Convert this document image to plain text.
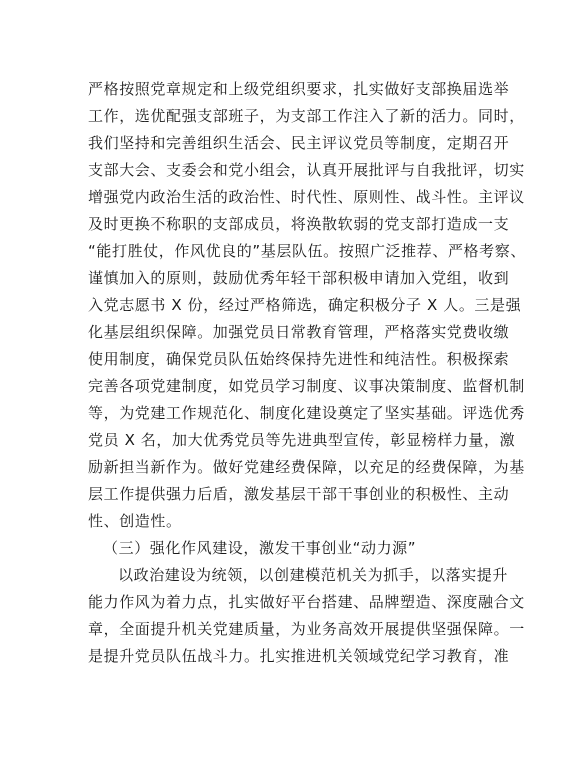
严格按照党章规定和上级党组织要求，扎实做好支部换届选举
工作，选优配强支部班子，为支部工作注入了新的活力。同时，
我们坚持和完善组织生活会、民主评议党员等制度，定期召开
支部大会、支委会和党小组会，认真开展批评与自我批评，切实
增强党内政治生活的政治性、时代性、原则性、战斗性。主评议
及时更换不称职的支部成员，将涣散软弱的党支部打造成一支
“能打胜仗，作风优良的”基层队伍。按照广泛推荐、严格考察、
谨慎加入的原则，鼓励优秀年轻干部积极申请加入党组，收到
入党志愿书 X 份，经过严格筛选，确定积极分子 X 人。三是强
化基层组织保障。加强党员日常教育管理，严格落实党费收缴
使用制度，确保党员队伍始终保持先进性和纯洁性。积极探索
完善各项党建制度，如党员学习制度、议事决策制度、监督机制
等，为党建工作规范化、制度化建设奠定了坚实基础。评选优秀
党员 X 名，加大优秀党员等先进典型宣传，彰显榜样力量，激
励新担当新作为。做好党建经费保障，以充足的经费保障，为基
层工作提供强力后盾，激发基层干部干事创业的积极性、主动
性、创造性。
（三）强化作风建设，激发干事创业“动力源”
以政治建设为统领，以创建模范机关为抓手，以落实提升
能力作风为着力点，扎实做好平台搭建、品牌塑造、深度融合文
章，全面提升机关党建质量，为业务高效开展提供坚强保障。一
是提升党员队伍战斗力。扎实推进机关领域党纪学习教育，准
